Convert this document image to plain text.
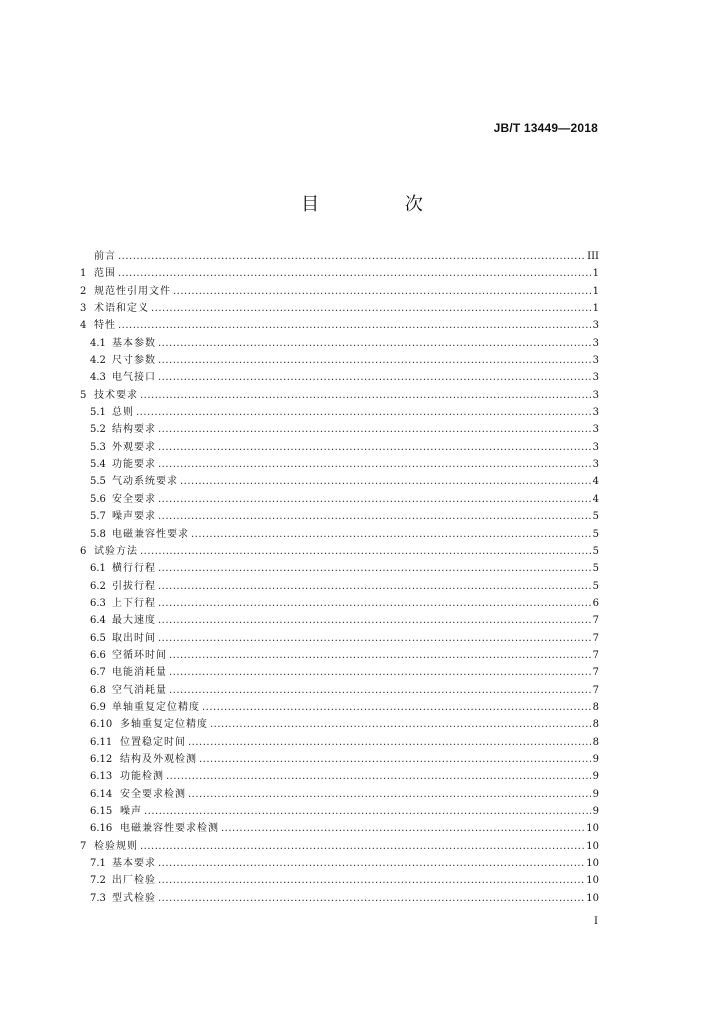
JB/T 13449—2018
目 次
前言 .....	III
1 范围 .....	1
2 规范性引用文件 .....	1
3 术语和定义 .....	1
4 特性 .....	3
4.1 基本参数 .....	3
4.2 尺寸参数 .....	3
4.3 电气接口 .....	3
5 技术要求 .....	3
5.1 总则 .....	3
5.2 结构要求 .....	3
5.3 外观要求 .....	3
5.4 功能要求 .....	3
5.5 气动系统要求 .....	4
5.6 安全要求 .....	4
5.7 噪声要求 .....	5
5.8 电磁兼容性要求 .....	5
6 试验方法 .....	5
6.1 横行行程 .....	5
6.2 引拔行程 .....	5
6.3 上下行程 .....	6
6.4 最大速度 .....	7
6.5 取出时间 .....	7
6.6 空循环时间 .....	7
6.7 电能消耗量 .....	7
6.8 空气消耗量 .....	7
6.9 单轴重复定位精度 .....	8
6.10 多轴重复定位精度 .....	8
6.11 位置稳定时间 .....	8
6.12 结构及外观检测 .....	9
6.13 功能检测 .....	9
6.14 安全要求检测 .....	9
6.15 噪声 .....	9
6.16 电磁兼容性要求检测 .....	10
7 检验规则 .....	10
7.1 基本要求 .....	10
7.2 出厂检验 .....	10
7.3 型式检验 .....	10
I
